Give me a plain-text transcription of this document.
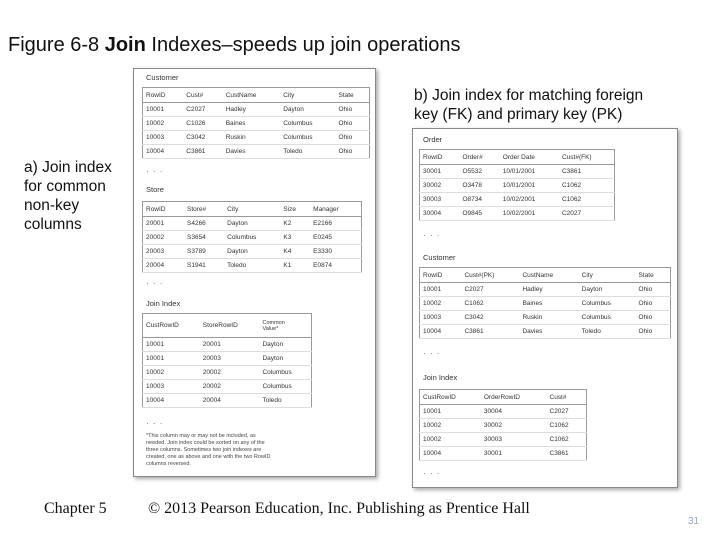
Figure 6-8 Join Indexes–speeds up join operations
Customer
RowID	Cust#	CustName	City	State
10001	C2027	Hadley	Dayton	Ohio
10002	C1026	Baines	Columbus	Ohio
10003	C3042	Ruskin	Columbus	Ohio
10004	C3861	Davies	Toledo	Ohio
· · ·
Store
RowID	Store#	City	Size	Manager
20001	S4266	Dayton	K2	E2166
20002	S3654	Columbus	K3	E0245
20003	S3789	Dayton	K4	E3330
20004	S1941	Toledo	K1	E0874
· · ·
Join Index
CustRowID	StoreRowID	Common
Value*

10001	20001	Dayton
10001	20003	Dayton
10002	20002	Columbus
10003	20002	Columbus
10004	20004	Toledo
· · ·
*This column may or may not be included, as
needed. Join index could be sorted on any of the
three columns. Sometimes two join indexes are
created, one as above and one with the two RowID
columns reversed.
Order
RowID	Order#	Order Date	Cust#(FK)
30001	O5532	10/01/2001	C3861
30002	O3478	10/01/2001	C1062
30003	O8734	10/02/2001	C1062
30004	O9845	10/02/2001	C2027
· · ·
Customer
RowID	Cust#(PK)	CustName	City	State
10001	C2027	Hadley	Dayton	Ohio
10002	C1062	Baines	Columbus	Ohio
10003	C3042	Ruskin	Columbus	Ohio
10004	C3861	Davies	Toledo	Ohio
· · ·
Join Index
CustRowID	OrderRowID	Cust#
10001	30004	C2027
10002	30002	C1062
10002	30003	C1062
10004	30001	C3861
· · ·
a) Join index
for common
non-key
columns
b) Join index for matching foreign
key (FK) and primary key (PK)
Chapter 5	© 2013 Pearson Education, Inc. Publishing as Prentice Hall
31
